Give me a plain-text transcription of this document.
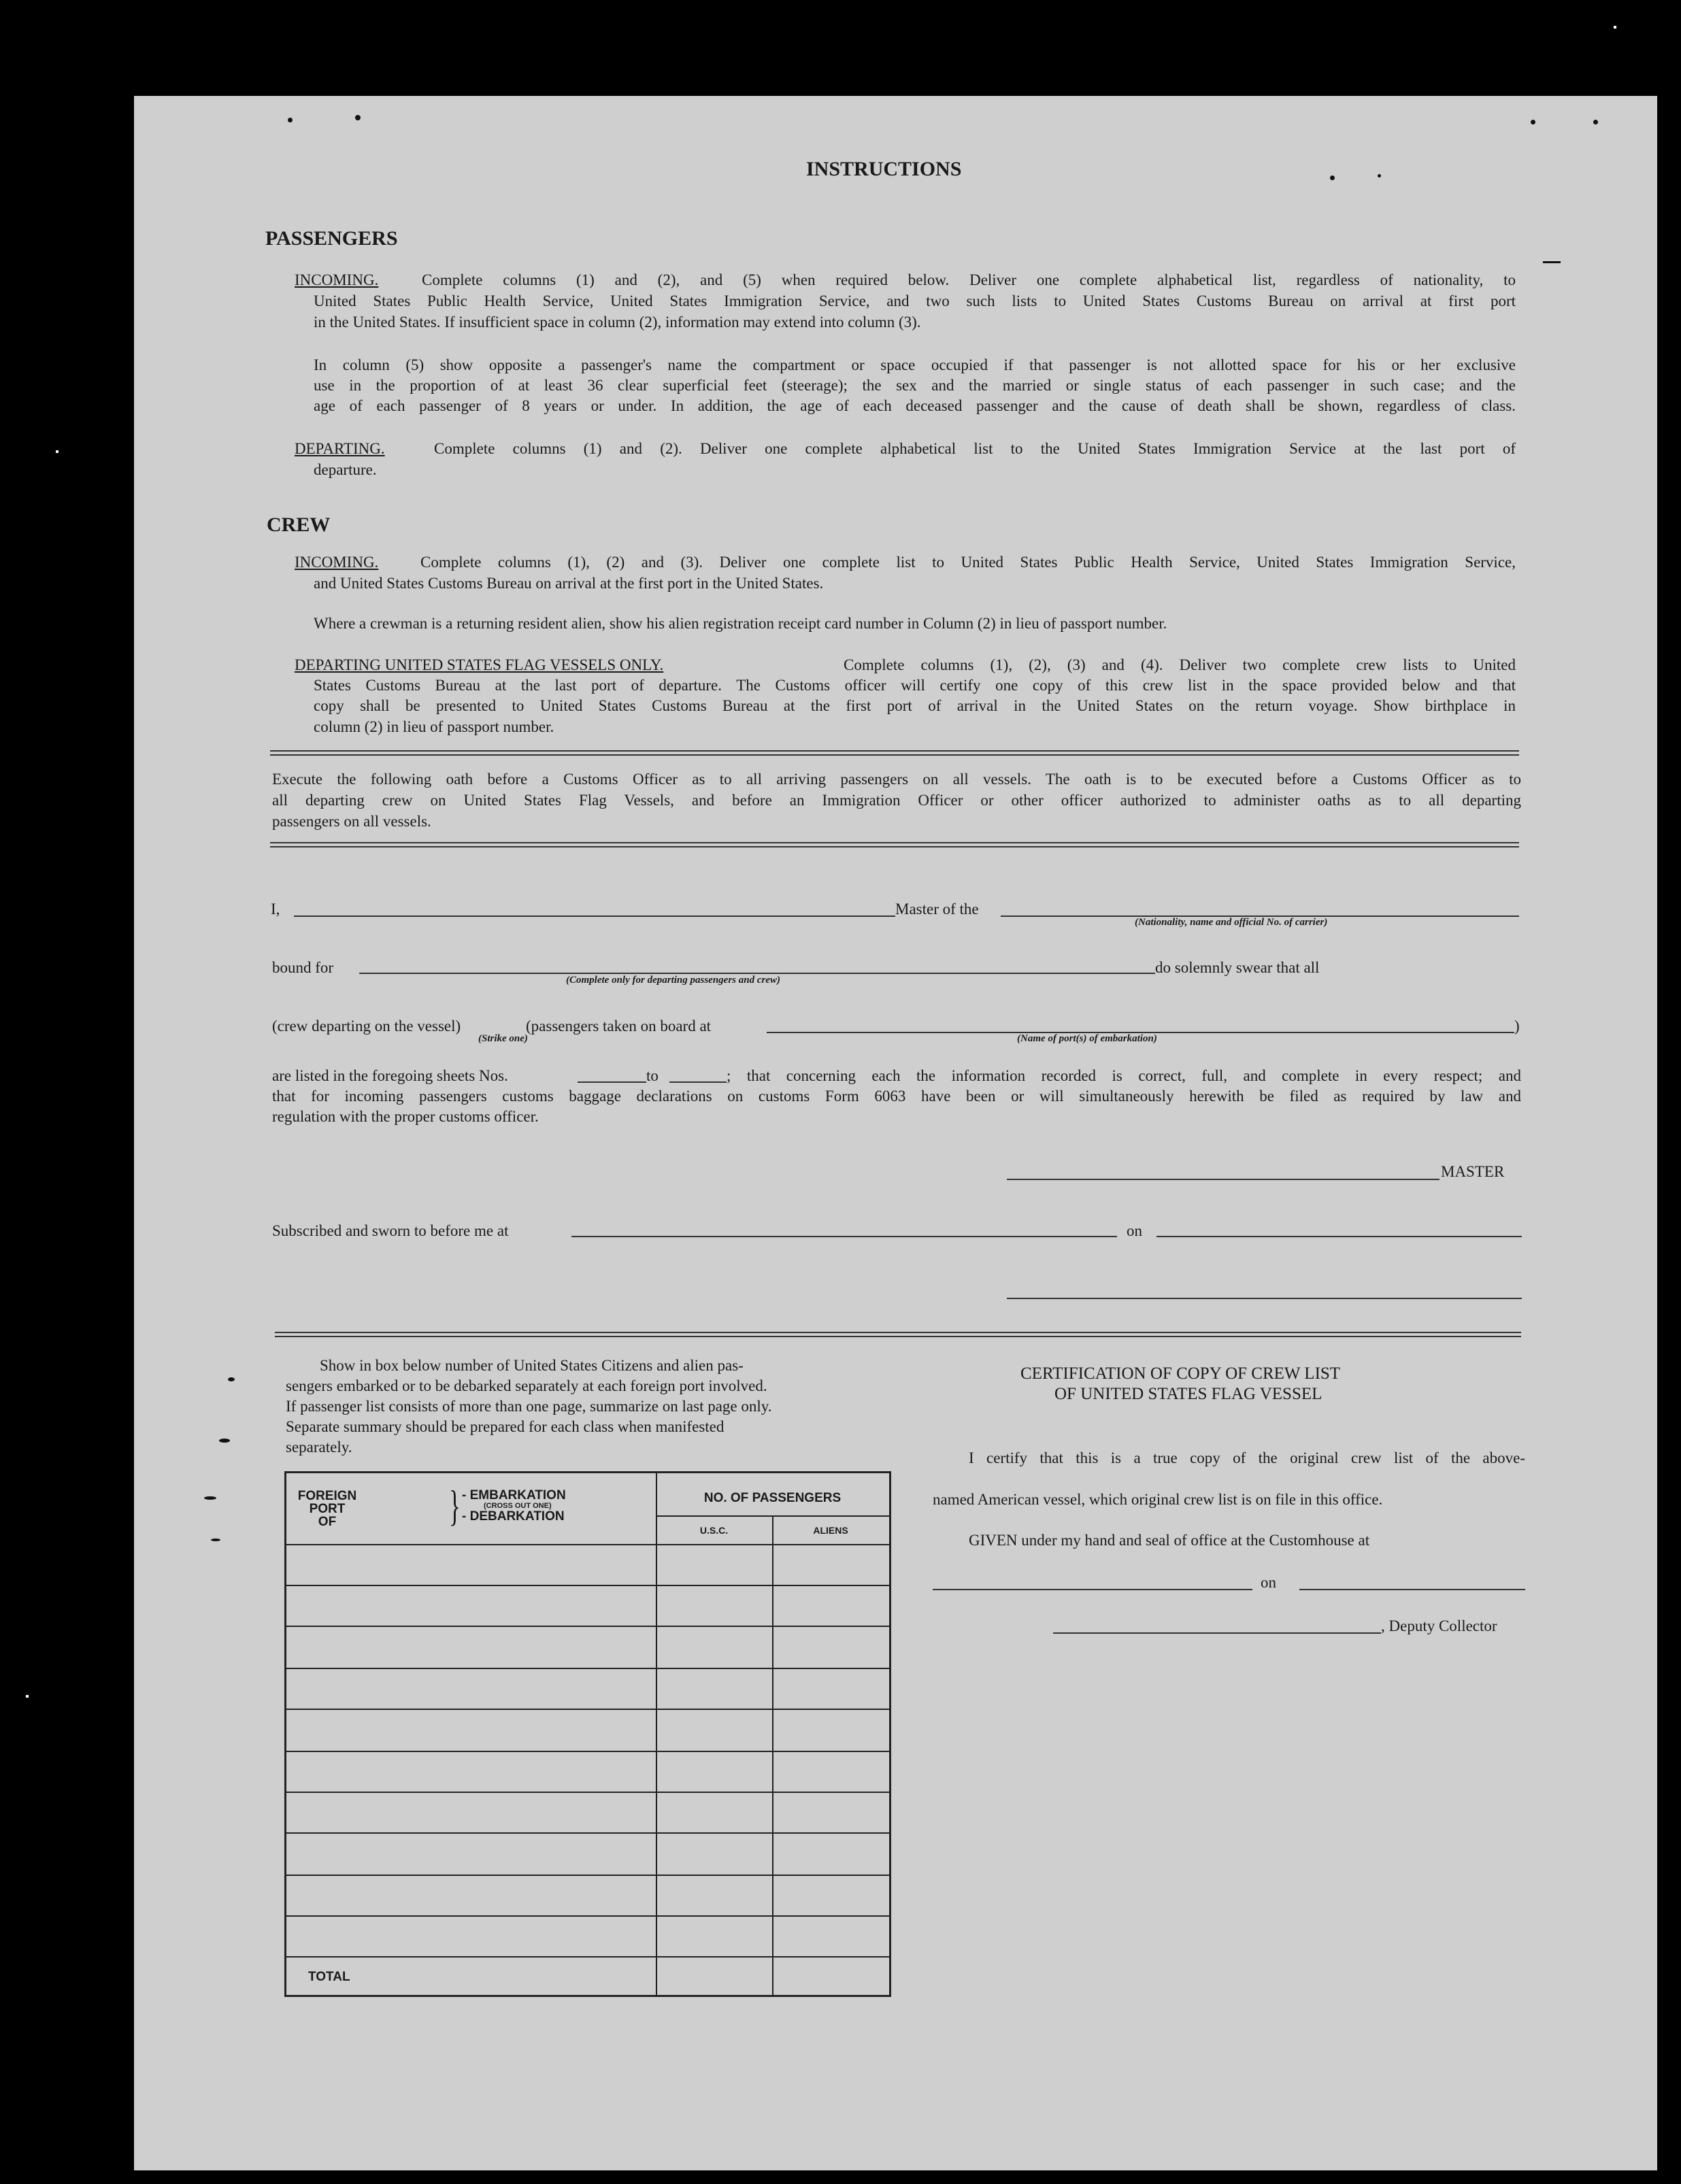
INSTRUCTIONS
PASSENGERS
INCOMING.	Complete columns (1) and (2), and (5) when required below. Deliver one complete alphabetical list, regardless of nationality, to
United States Public Health Service, United States Immigration Service, and two such lists to United States Customs Bureau on arrival at first port
in the United States. If insufficient space in column (2), information may extend into column (3).
In column (5) show opposite a passenger's name the compartment or space occupied if that passenger is not allotted space for his or her exclusive
use in the proportion of at least 36 clear superficial feet (steerage); the sex and the married or single status of each passenger in such case; and the
age of each passenger of 8 years or under. In addition, the age of each deceased passenger and the cause of death shall be shown, regardless of class.
DEPARTING.	Complete columns (1) and (2). Deliver one complete alphabetical list to the United States Immigration Service at the last port of
departure.
CREW
INCOMING.	Complete columns (1), (2) and (3). Deliver one complete list to United States Public Health Service, United States Immigration Service,
and United States Customs Bureau on arrival at the first port in the United States.
Where a crewman is a returning resident alien, show his alien registration receipt card number in Column (2) in lieu of passport number.
DEPARTING UNITED STATES FLAG VESSELS ONLY.	Complete columns (1), (2), (3) and (4). Deliver two complete crew lists to United
States Customs Bureau at the last port of departure. The Customs officer will certify one copy of this crew list in the space provided below and that
copy shall be presented to United States Customs Bureau at the first port of arrival in the United States on the return voyage. Show birthplace in
column (2) in lieu of passport number.
Execute the following oath before a Customs Officer as to all arriving passengers on all vessels. The oath is to be executed before a Customs Officer as to
all departing crew on United States Flag Vessels, and before an Immigration Officer or other officer authorized to administer oaths as to all departing
passengers on all vessels.
I,	Master of the
(Nationality, name and official No. of carrier)
bound for
(Complete only for departing passengers and crew)
do solemnly swear that all
(crew departing on the vessel)
(Strike one)
(passengers taken on board at
(Name of port(s) of embarkation)
)
are listed in the foregoing sheets Nos.	to	; that concerning each the information recorded is correct, full, and complete in every respect; and
that for incoming passengers customs baggage declarations on customs Form 6063 have been or will simultaneously herewith be filed as required by law and
regulation with the proper customs officer.
MASTER
Subscribed and sworn to before me at	on
Show in box below number of United States Citizens and alien pas-
sengers embarked or to be debarked separately at each foreign port involved.
If passenger list consists of more than one page, summarize on last page only.
Separate summary should be prepared for each class when manifested
separately.
FOREIGN
PORT
OF	} - EMBARKATION
(CROSS OUT ONE)
- DEBARKATION
NO. OF PASSENGERS
U.S.C.	ALIENS
TOTAL
CERTIFICATION OF COPY OF CREW LIST
OF UNITED STATES FLAG VESSEL
I certify that this is a true copy of the original crew list of the above-
named American vessel, which original crew list is on file in this office.
GIVEN under my hand and seal of office at the Customhouse at
on
, Deputy Collector
